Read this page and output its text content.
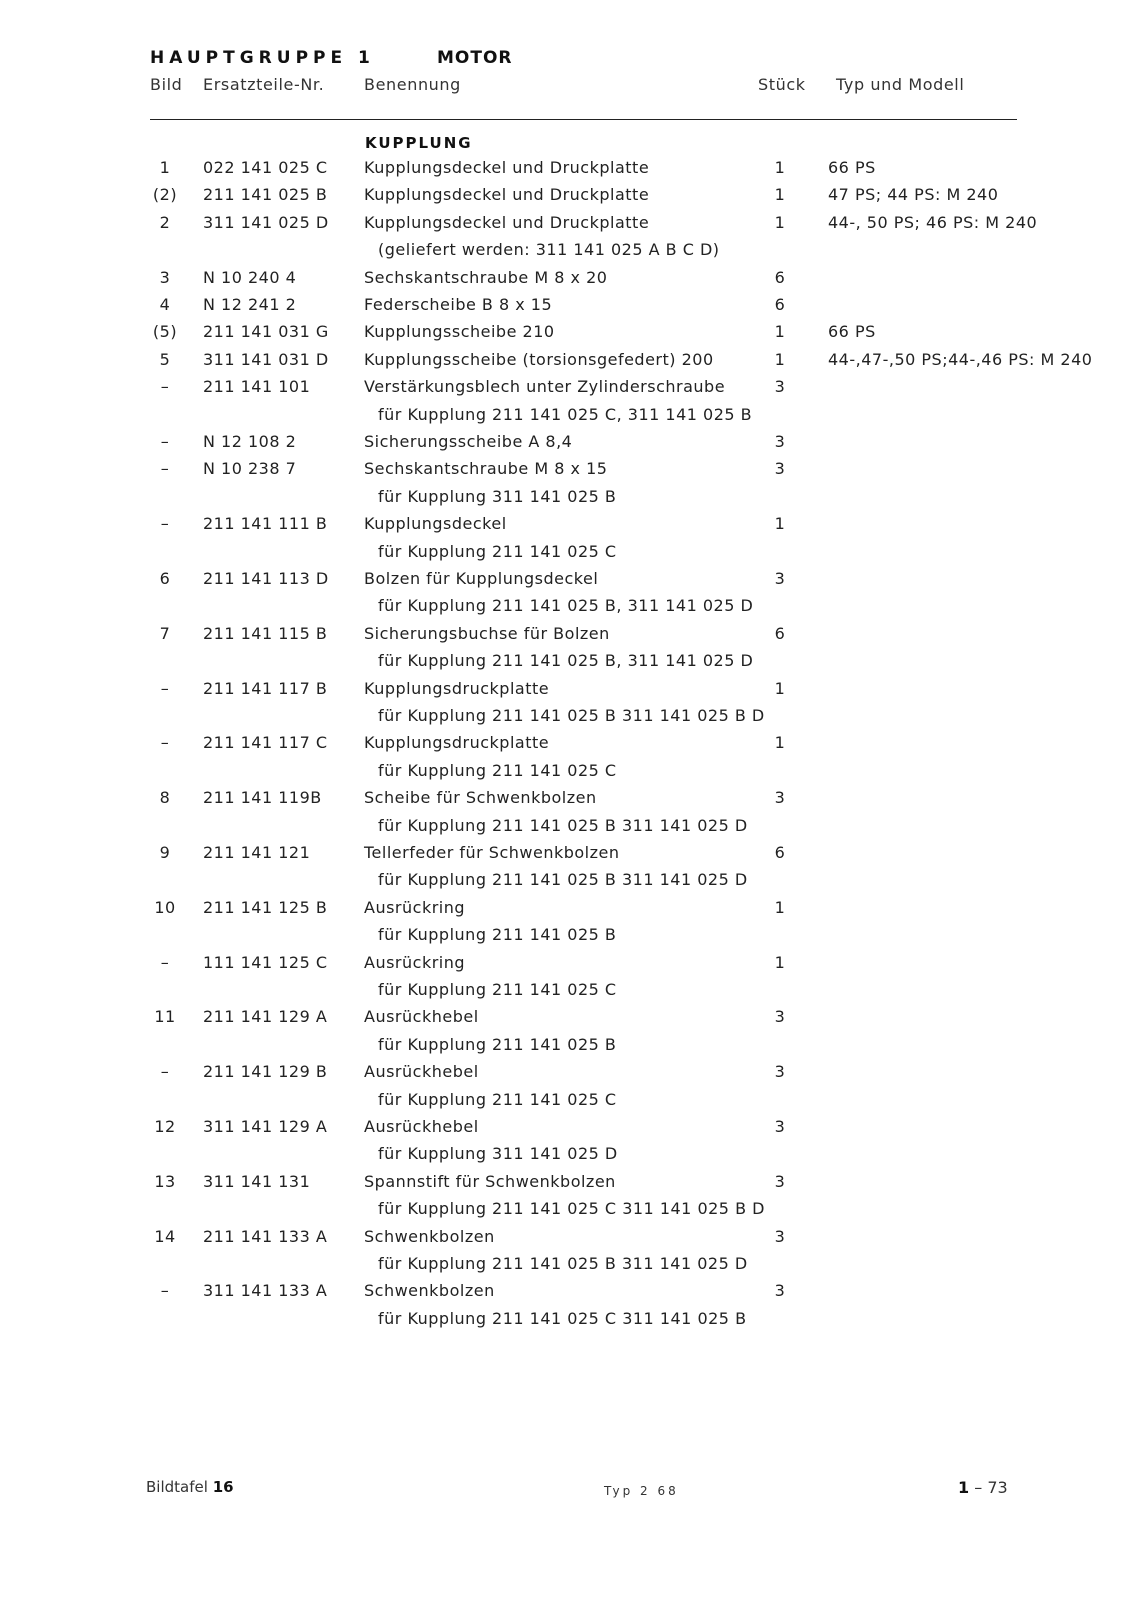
HAUPTGRUPPE 1	MOTOR
Bild Ersatzteile-Nr. Benennung	Stück Typ und Modell
KUPPLUNG
1	022 141 025 C Kupplungsdeckel und Druckplatte	1	66 PS
(2) 211 141 025 B Kupplungsdeckel und Druckplatte	1	47 PS; 44 PS: M 240
2	311 141 025 D Kupplungsdeckel und Druckplatte	1	44-, 50 PS; 46 PS: M 240
(geliefert werden: 311 141 025 A B C D)
3	N 10 240 4	Sechskantschraube M 8 x 20	6
4	N 12 241 2	Federscheibe B 8 x 15	6
(5) 211 141 031 G Kupplungsscheibe 210	1	66 PS
5	311 141 031 D Kupplungsscheibe (torsionsgefedert) 200	1	44-,47-,50 PS;44-,46 PS: M 240
–	211 141 101	Verstärkungsblech unter Zylinderschraube	3
für Kupplung 211 141 025 C, 311 141 025 B
–	N 12 108 2	Sicherungsscheibe A 8,4	3
–	N 10 238 7	Sechskantschraube M 8 x 15	3
für Kupplung 311 141 025 B
–	211 141 111 B Kupplungsdeckel	1
für Kupplung 211 141 025 C
6	211 141 113 D Bolzen für Kupplungsdeckel	3
für Kupplung 211 141 025 B, 311 141 025 D
7	211 141 115 B Sicherungsbuchse für Bolzen	6
für Kupplung 211 141 025 B, 311 141 025 D
–	211 141 117 B Kupplungsdruckplatte	1
für Kupplung 211 141 025 B 311 141 025 B D
–	211 141 117 C Kupplungsdruckplatte	1
für Kupplung 211 141 025 C
8	211 141 119B	Scheibe für Schwenkbolzen	3
für Kupplung 211 141 025 B 311 141 025 D
9	211 141 121	Tellerfeder für Schwenkbolzen	6
für Kupplung 211 141 025 B 311 141 025 D
10 211 141 125 B Ausrückring	1
für Kupplung 211 141 025 B
–	111 141 125 C Ausrückring	1
für Kupplung 211 141 025 C
11 211 141 129 A Ausrückhebel	3
für Kupplung 211 141 025 B
–	211 141 129 B Ausrückhebel	3
für Kupplung 211 141 025 C
12 311 141 129 A Ausrückhebel	3
für Kupplung 311 141 025 D
13 311 141 131	Spannstift für Schwenkbolzen	3
für Kupplung 211 141 025 C 311 141 025 B D
14 211 141 133 A Schwenkbolzen	3
für Kupplung 211 141 025 B 311 141 025 D
–	311 141 133 A Schwenkbolzen	3
für Kupplung 211 141 025 C 311 141 025 B
Bildtafel 16	Typ 2 68	1 – 73
